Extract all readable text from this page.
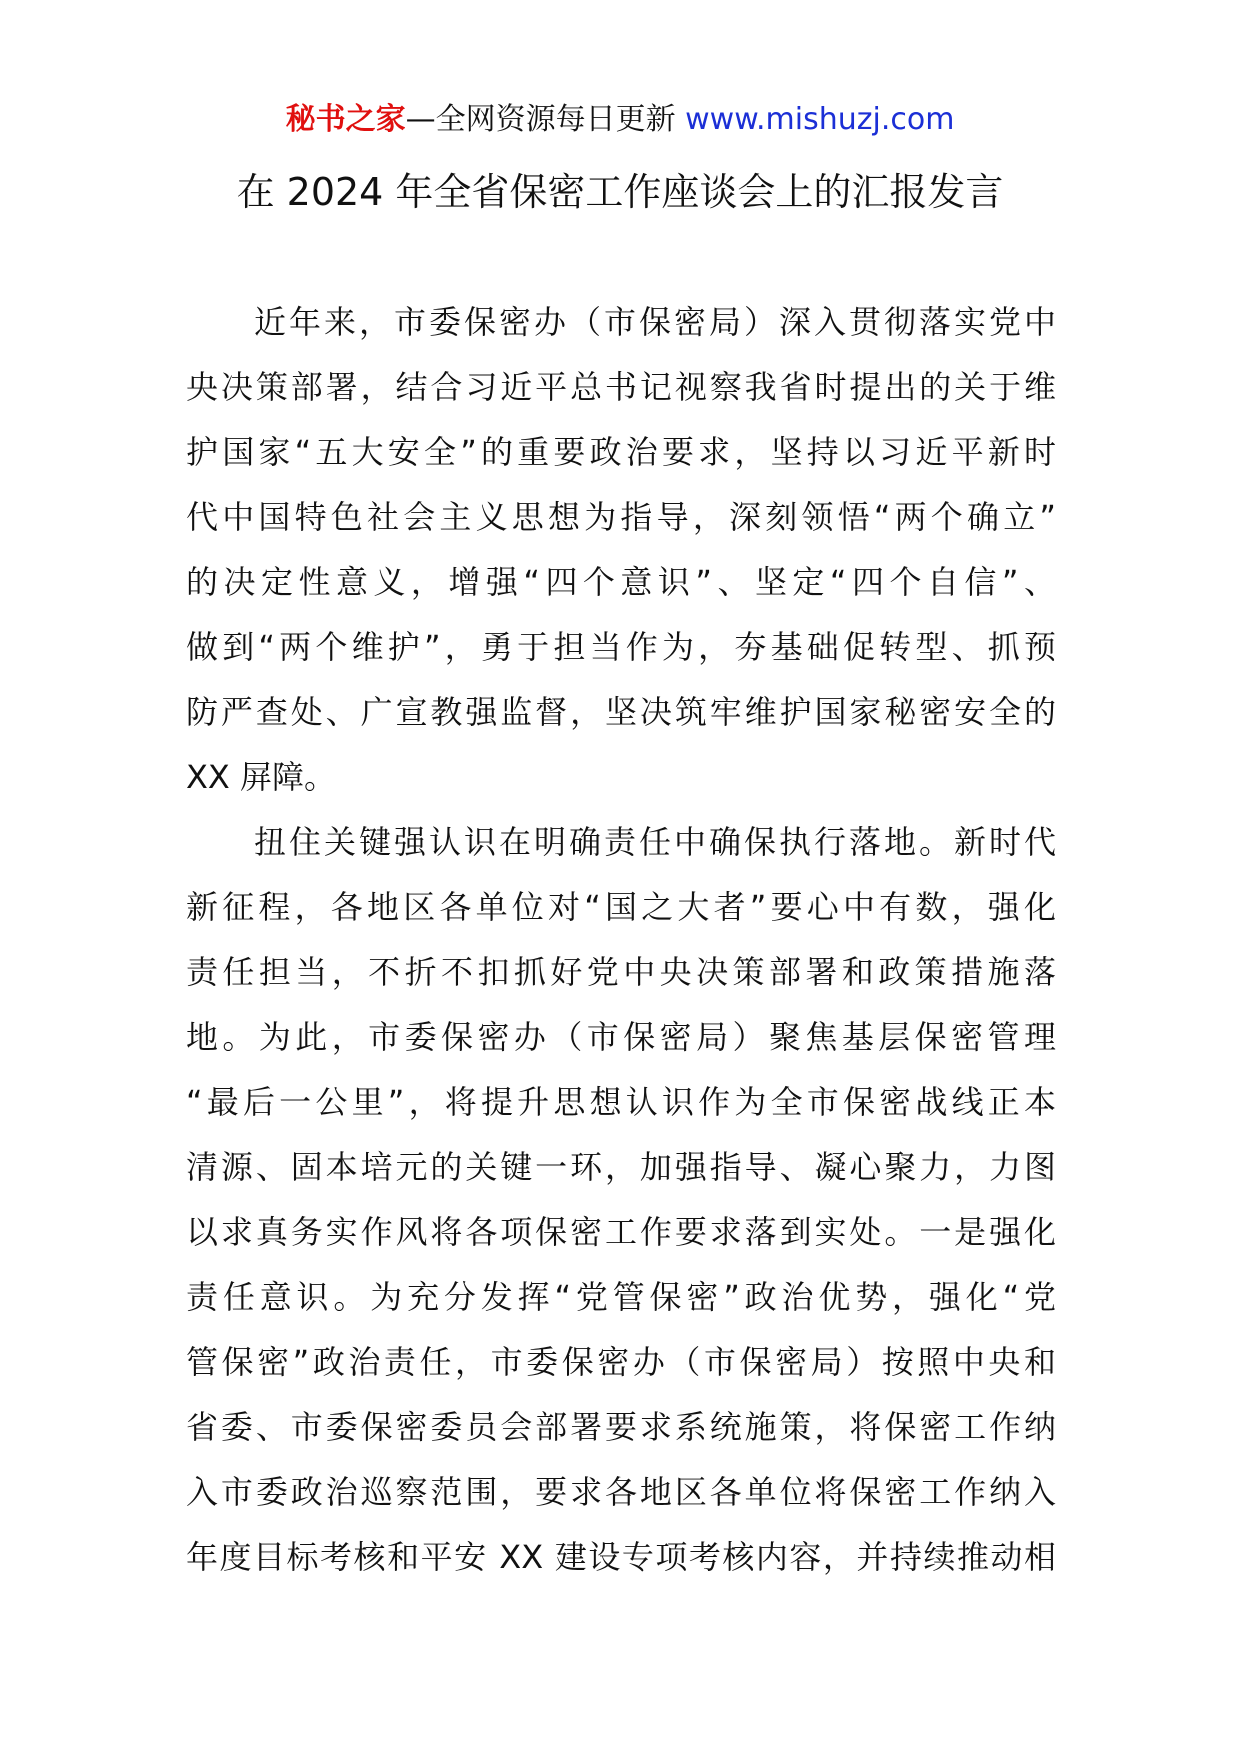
秘书之家—全网资源每日更新 www.mishuzj.com
在 2024 年全省保密工作座谈会上的汇报发言
近年来，市委保密办（市保密局）深入贯彻落实党中
央决策部署，结合习近平总书记视察我省时提出的关于维
护国家“五大安全”的重要政治要求，坚持以习近平新时
代中国特色社会主义思想为指导，深刻领悟“两个确立”
的决定性意义，增强“四个意识”、坚定“四个自信”、
做到“两个维护”，勇于担当作为，夯基础促转型、抓预
防严查处、广宣教强监督，坚决筑牢维护国家秘密安全的
XX 屏障。
扭住关键强认识在明确责任中确保执行落地。新时代
新征程，各地区各单位对“国之大者”要心中有数，强化
责任担当，不折不扣抓好党中央决策部署和政策措施落
地。为此，市委保密办（市保密局）聚焦基层保密管理
“最后一公里”，将提升思想认识作为全市保密战线正本
清源、固本培元的关键一环，加强指导、凝心聚力，力图
以求真务实作风将各项保密工作要求落到实处。一是强化
责任意识。为充分发挥“党管保密”政治优势，强化“党
管保密”政治责任，市委保密办（市保密局）按照中央和
省委、市委保密委员会部署要求系统施策，将保密工作纳
入市委政治巡察范围，要求各地区各单位将保密工作纳入
年度目标考核和平安 XX 建设专项考核内容，并持续推动相
